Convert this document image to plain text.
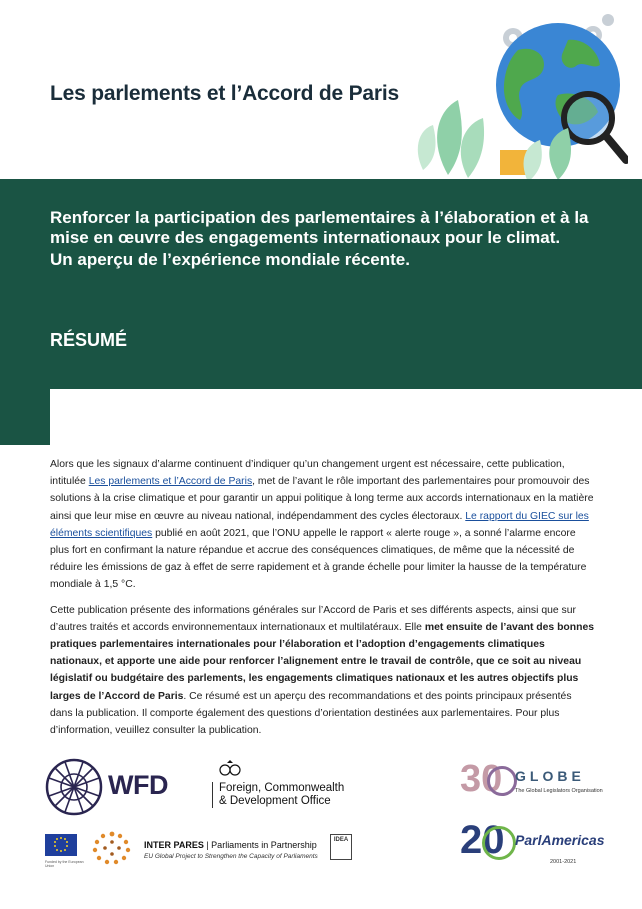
Les parlements et l’Accord de Paris
Renforcer la participation des parlementaires à l’élaboration et à la mise en œuvre des engagements internationaux pour le climat.
Un aperçu de l’expérience mondiale récente.
RÉSUMÉ

Alors que les signaux d’alarme continuent d’indiquer qu’un changement urgent est nécessaire, cette publication, intitulée Les parlements et l’Accord de Paris, met de l’avant le rôle important des parlementaires pour promouvoir des solutions à la crise climatique et pour garantir un appui politique à long terme aux accords internationaux en la matière ainsi que leur mise en œuvre au niveau national, indépendamment des cycles électoraux. Le rapport du GIEC sur les éléments scientifiques publié en août 2021, que l’ONU appelle le rapport « alerte rouge », a sonné l’alarme encore plus fort en confirmant la nature répandue et accrue des conséquences climatiques, de même que la nécessité de réduire les émissions de gaz à effet de serre rapidement et à grande échelle pour limiter la hausse de la température mondiale à 1,5 °C.

Cette publication présente des informations générales sur l’Accord de Paris et ses différents aspects, ainsi que sur d’autres traités et accords environnementaux internationaux et multilatéraux. Elle met ensuite de l’avant des bonnes pratiques parlementaires internationales pour l’élaboration et l’adoption d’engagements climatiques nationaux, et apporte une aide pour renforcer l’alignement entre le travail de contrôle, que ce soit au niveau législatif ou budgétaire des parlements, les engagements climatiques nationaux et les autres objectifs plus larges de l’Accord de Paris. Ce résumé est un aperçu des recommandations et des points principaux présentés dans la publication. Il comporte également des questions d’orientation destinées aux parlementaires. Pour plus d’information, veuillez consulter la publication.

WFD	Foreign, Commonwealth
& Development Office
30 GLOBE
The Global Legislators Organisation
Funded by the European Union
INTER PARES | Parliaments in Partnership
EU Global Project to Strengthen the Capacity of Parliaments
IDEA	20 ParlAmericas
2001-2021
